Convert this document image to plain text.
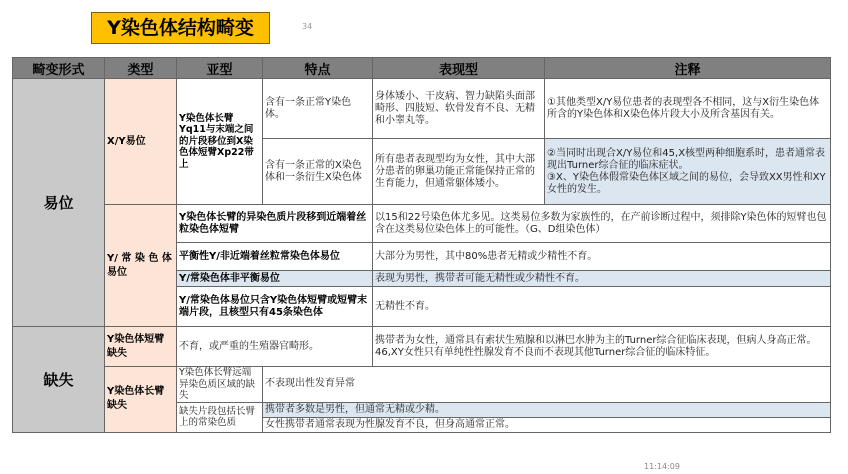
Y染色体结构畸变	34
畸变形式	类型	亚型	特点	表现型	注释
易位	X/Y易位	Y染色体长臂Yq11与末端之间的片段移位到X染色体短臂Xp22带上	含有一条正常Y染色体。	身体矮小、干皮病、智力缺陷头面部畸形、四肢短、软骨发育不良、无精和小睾丸等。	①其他类型X/Y易位患者的表现型各不相同，这与X衍生染色体所含的Y染色体和X染色体片段大小及所含基因有关。
			含有一条正常的X染色体和一条衍生X染色体	所有患者表现型均为女性，其中大部分患者的卵巢功能正常能保持正常的生育能力，但通常躯体矮小。	②当同时出现合X/Y易位和45,X核型两种细胞系时，患者通常表现出Turner综合征的临床症状。
③X、Y染色体假常染色体区域之间的易位，会导致XX男性和XY女性的发生。

	Y/ 常 染 色 体易位	Y染色体长臂的异染色质片段移到近端着丝粒染色体短臂		以15和22号染色体尤多见。这类易位多数为家族性的，在产前诊断过程中，须排除Y染色体的短臂也包含在这类易位染色体上的可能性。（G、D组染色体）	
		平衡性Y/非近端着丝粒常染色体易位		大部分为男性，其中80%患者无精或少精性不育。	
		Y/常染色体非平衡易位		表现为男性，携带者可能无精性或少精性不育。	
		Y/常染色体易位只含Y染色体短臂或短臂末端片段，且核型只有45条染色体		无精性不育。	
缺失	Y染色体短臂缺失	不育，或严重的生殖器官畸形。		携带者为女性，通常具有索状生殖腺和以淋巴水肿为主的Turner综合征临床表现，但病人身高正常。
46,XY女性只有单纯性性腺发育不良而不表现其他Turner综合征的临床特征。	

	Y染色体长臂缺失	Y染色体长臂远端异染色质区域的缺失	不表现出性发育异常		
		缺失片段包括长臂上的常染色质	携带者多数是男性，但通常无精或少精。		
			女性携带者通常表现为性腺发育不良，但身高通常正常。		
11:14:09
